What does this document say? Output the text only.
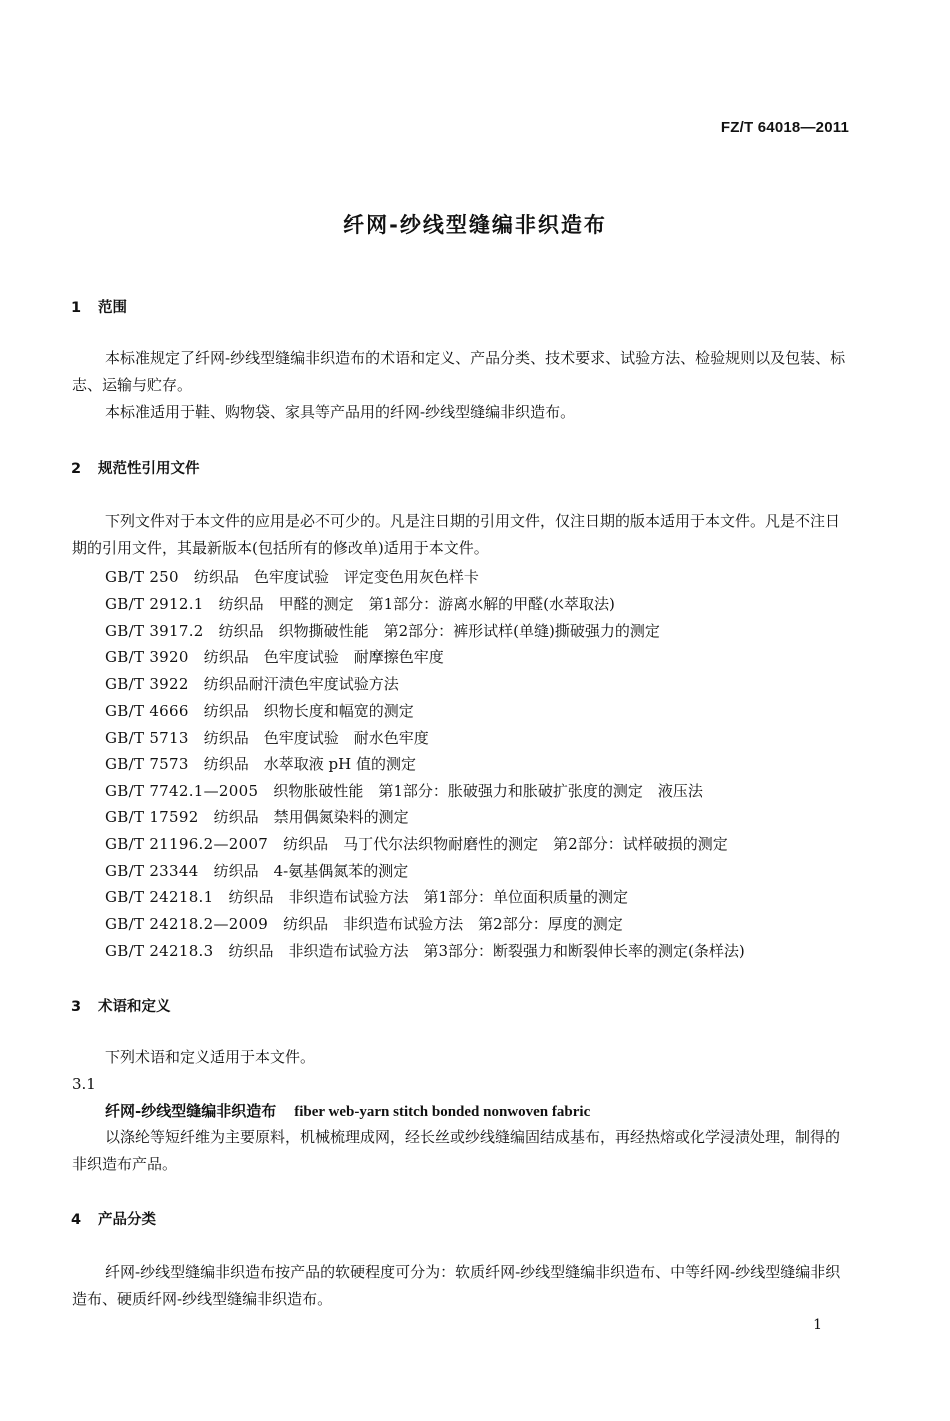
FZ/T 64018—2011
纤网-纱线型缝编非织造布
1 范围
本标准规定了纤网-纱线型缝编非织造布的术语和定义、产品分类、技术要求、试验方法、检验规则以及包装、标志、运输与贮存。
本标准适用于鞋、购物袋、家具等产品用的纤网-纱线型缝编非织造布。
2 规范性引用文件
下列文件对于本文件的应用是必不可少的。凡是注日期的引用文件，仅注日期的版本适用于本文件。凡是不注日期的引用文件，其最新版本(包括所有的修改单)适用于本文件。
GB/T 250　 纺织品　色牢度试验　评定变色用灰色样卡
GB/T 2912.1　 纺织品　甲醛的测定　第1部分：游离水解的甲醛(水萃取法)
GB/T 3917.2　 纺织品　织物撕破性能　第2部分：裤形试样(单缝)撕破强力的测定
GB/T 3920　 纺织品　色牢度试验　耐摩擦色牢度
GB/T 3922　 纺织品耐汗渍色牢度试验方法
GB/T 4666　 纺织品　织物长度和幅宽的测定
GB/T 5713　 纺织品　色牢度试验　耐水色牢度
GB/T 7573　 纺织品　水萃取液 pH 值的测定
GB/T 7742.1—2005　 织物胀破性能　第1部分：胀破强力和胀破扩张度的测定　液压法
GB/T 17592　 纺织品　禁用偶氮染料的测定
GB/T 21196.2—2007　 纺织品　马丁代尔法织物耐磨性的测定　第2部分：试样破损的测定
GB/T 23344　 纺织品　4-氨基偶氮苯的测定
GB/T 24218.1　 纺织品　非织造布试验方法　第1部分：单位面积质量的测定
GB/T 24218.2—2009　 纺织品　非织造布试验方法　第2部分：厚度的测定
GB/T 24218.3　 纺织品　非织造布试验方法　第3部分：断裂强力和断裂伸长率的测定(条样法)
3 术语和定义
下列术语和定义适用于本文件。
3.1
纤网-纱线型缝编非织造布 fiber web-yarn stitch bonded nonwoven fabric
以涤纶等短纤维为主要原料，机械梳理成网，经长丝或纱线缝编固结成基布，再经热熔或化学浸渍处理，制得的非织造布产品。
4 产品分类
纤网-纱线型缝编非织造布按产品的软硬程度可分为：软质纤网-纱线型缝编非织造布、中等纤网-纱线型缝编非织造布、硬质纤网-纱线型缝编非织造布。
1
